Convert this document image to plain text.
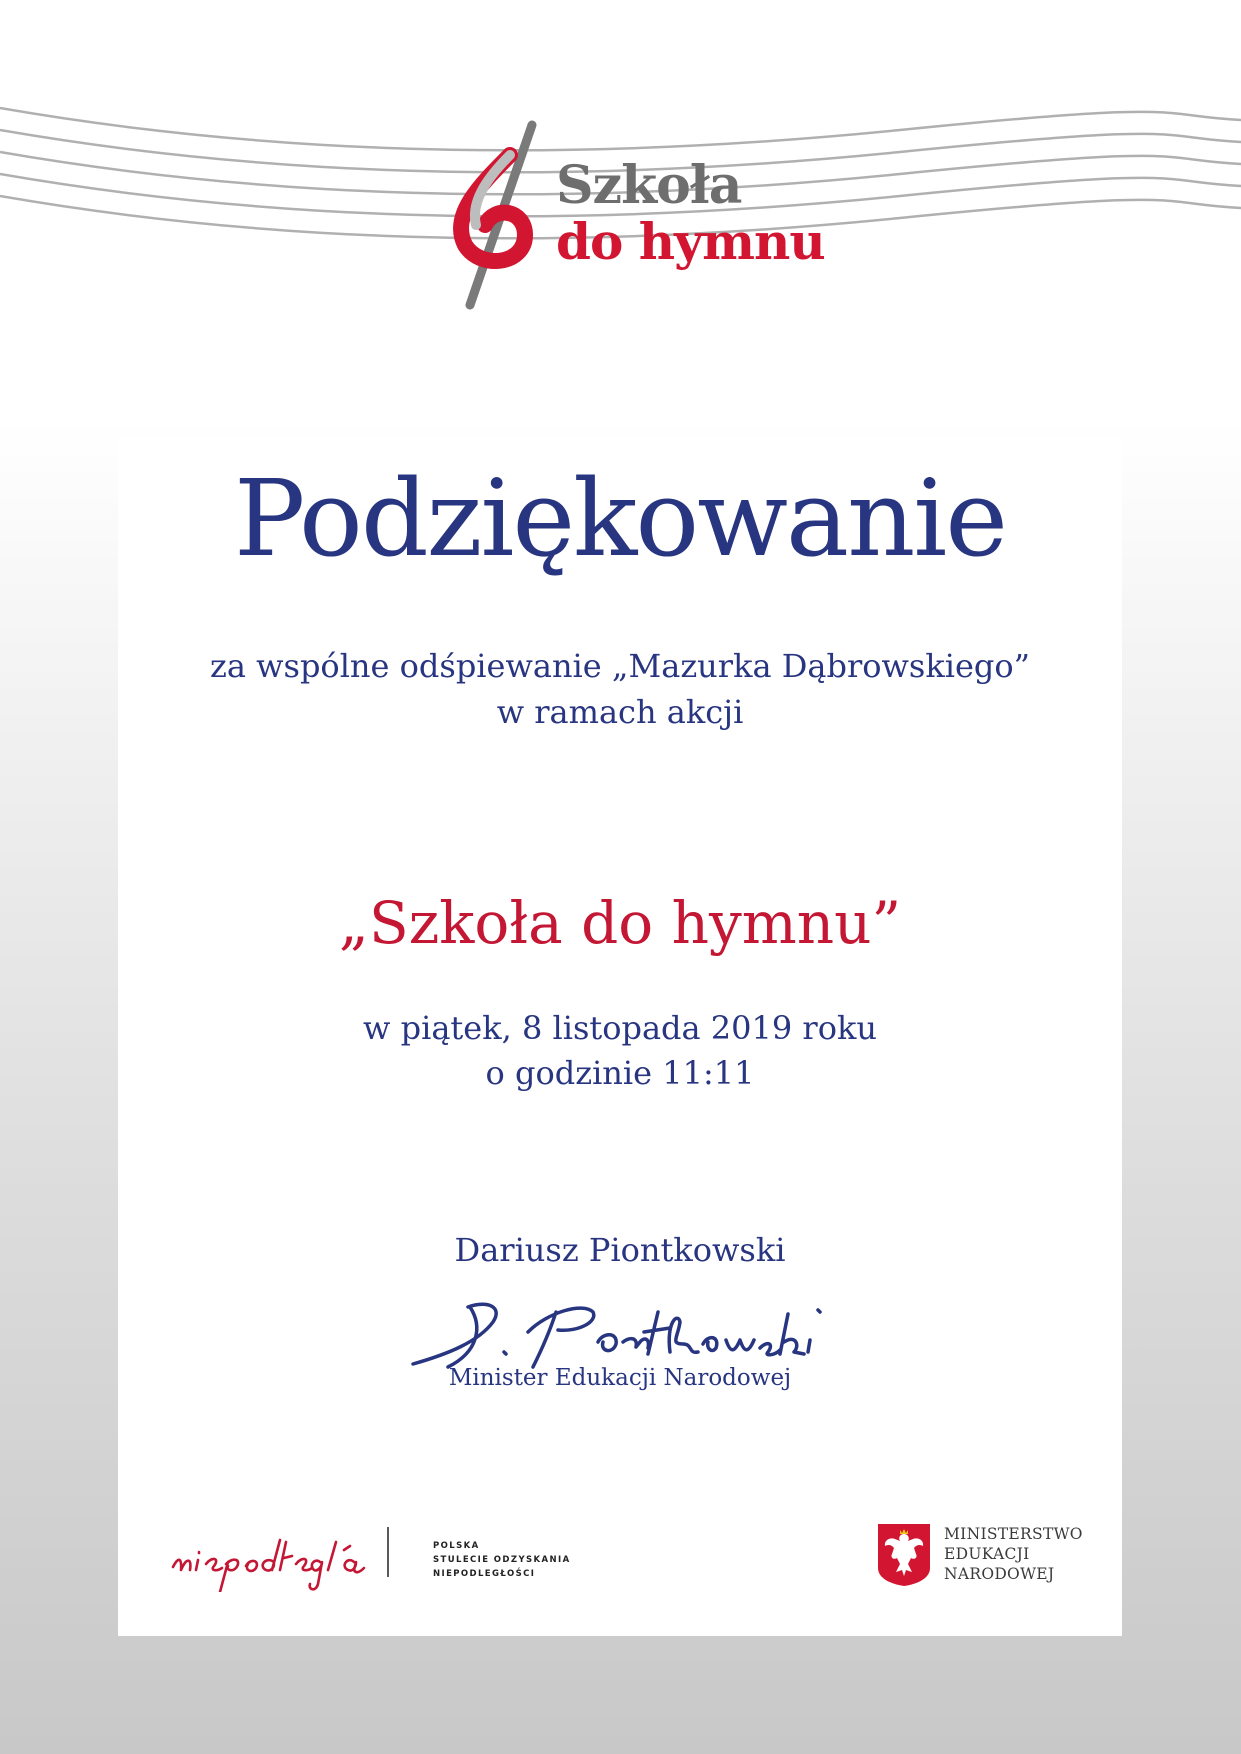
Szkoła
do hymnu
Podziękowanie
za wspólne odśpiewanie „Mazurka Dąbrowskiego”
w ramach akcji
„Szkoła do hymnu”
w piątek, 8 listopada 2019 roku
o godzinie 11:11
Dariusz Piontkowski
Minister Edukacji Narodowej
POLSKA
STULECIE ODZYSKANIA
NIEPODLEGŁOŚCI
MINISTERSTWO
EDUKACJI
NARODOWEJ
